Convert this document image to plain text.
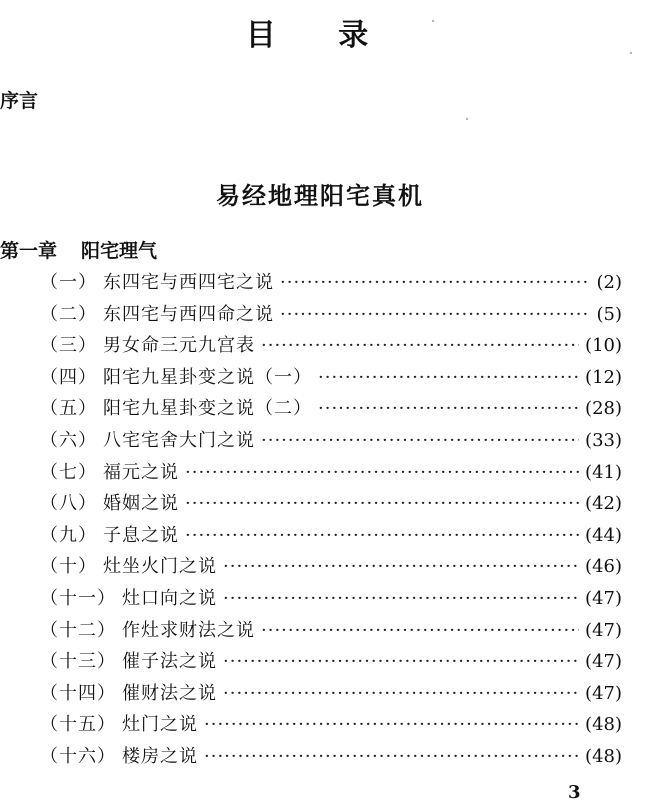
目 录
序言
易经地理阳宅真机
第一章 阳宅理气
（一） 东四宅与西四宅之说 ·····	(2)
（二） 东四宅与西四命之说 ·····	(5)
（三） 男女命三元九宫表 ·····	(10)
（四） 阳宅九星卦变之说（一） ·····	(12)
（五） 阳宅九星卦变之说（二） ·····	(28)
（六） 八宅宅舍大门之说 ·····	(33)
（七） 福元之说 ·····	(41)
（八） 婚姻之说 ·····	(42)
（九） 子息之说 ·····	(44)
（十） 灶坐火门之说 ·····	(46)
（十一） 灶口向之说 ·····	(47)
（十二） 作灶求财法之说 ·····	(47)
（十三） 催子法之说 ·····	(47)
（十四） 催财法之说 ·····	(47)
（十五） 灶门之说 ·····	(48)
（十六） 楼房之说 ·····	(48)
3
